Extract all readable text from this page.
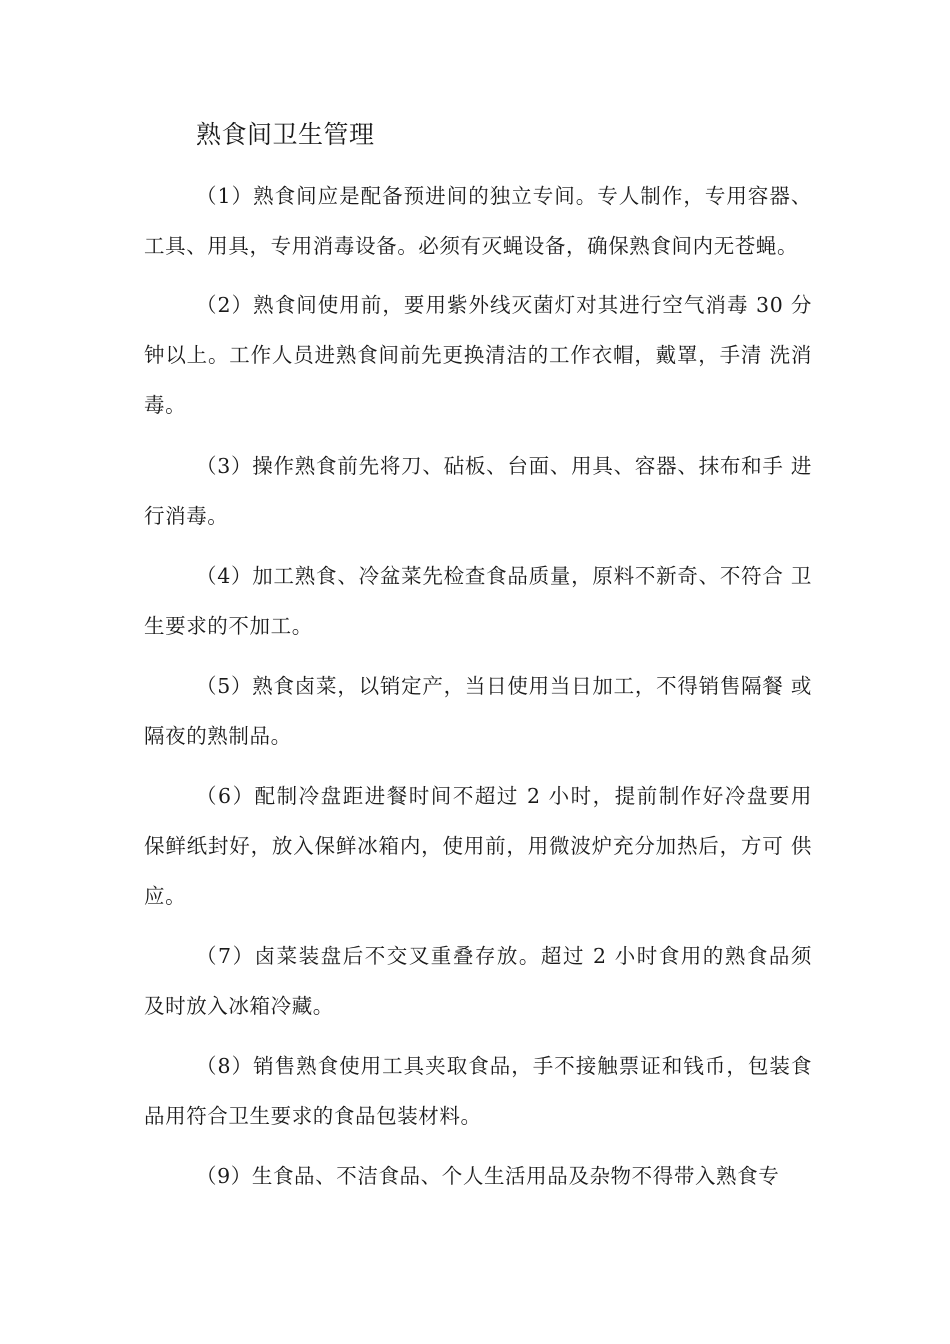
熟食间卫生管理

（1）熟食间应是配备预进间的独立专间。专人制作，专用容器、工具、用具，专用消毒设备。必须有灭蝇设备，确保熟食间内无苍蝇。

（2）熟食间使用前，要用紫外线灭菌灯对其进行空气消毒 30 分钟以上。工作人员进熟食间前先更换清洁的工作衣帽，戴罩，手清 洗消毒。

（3）操作熟食前先将刀、砧板、台面、用具、容器、抹布和手 进行消毒。

（4）加工熟食、冷盆菜先检查食品质量，原料不新奇、不符合 卫生要求的不加工。

（5）熟食卤菜，以销定产，当日使用当日加工，不得销售隔餐 或隔夜的熟制品。

（6）配制冷盘距进餐时间不超过 2 小时，提前制作好冷盘要用 保鲜纸封好，放入保鲜冰箱内，使用前，用微波炉充分加热后，方可 供应。

（7）卤菜装盘后不交叉重叠存放。超过 2 小时食用的熟食品须 及时放入冰箱冷藏。

（8）销售熟食使用工具夹取食品，手不接触票证和钱币，包装食品用符合卫生要求的食品包装材料。

（9）生食品、不洁食品、个人生活用品及杂物不得带入熟食专
